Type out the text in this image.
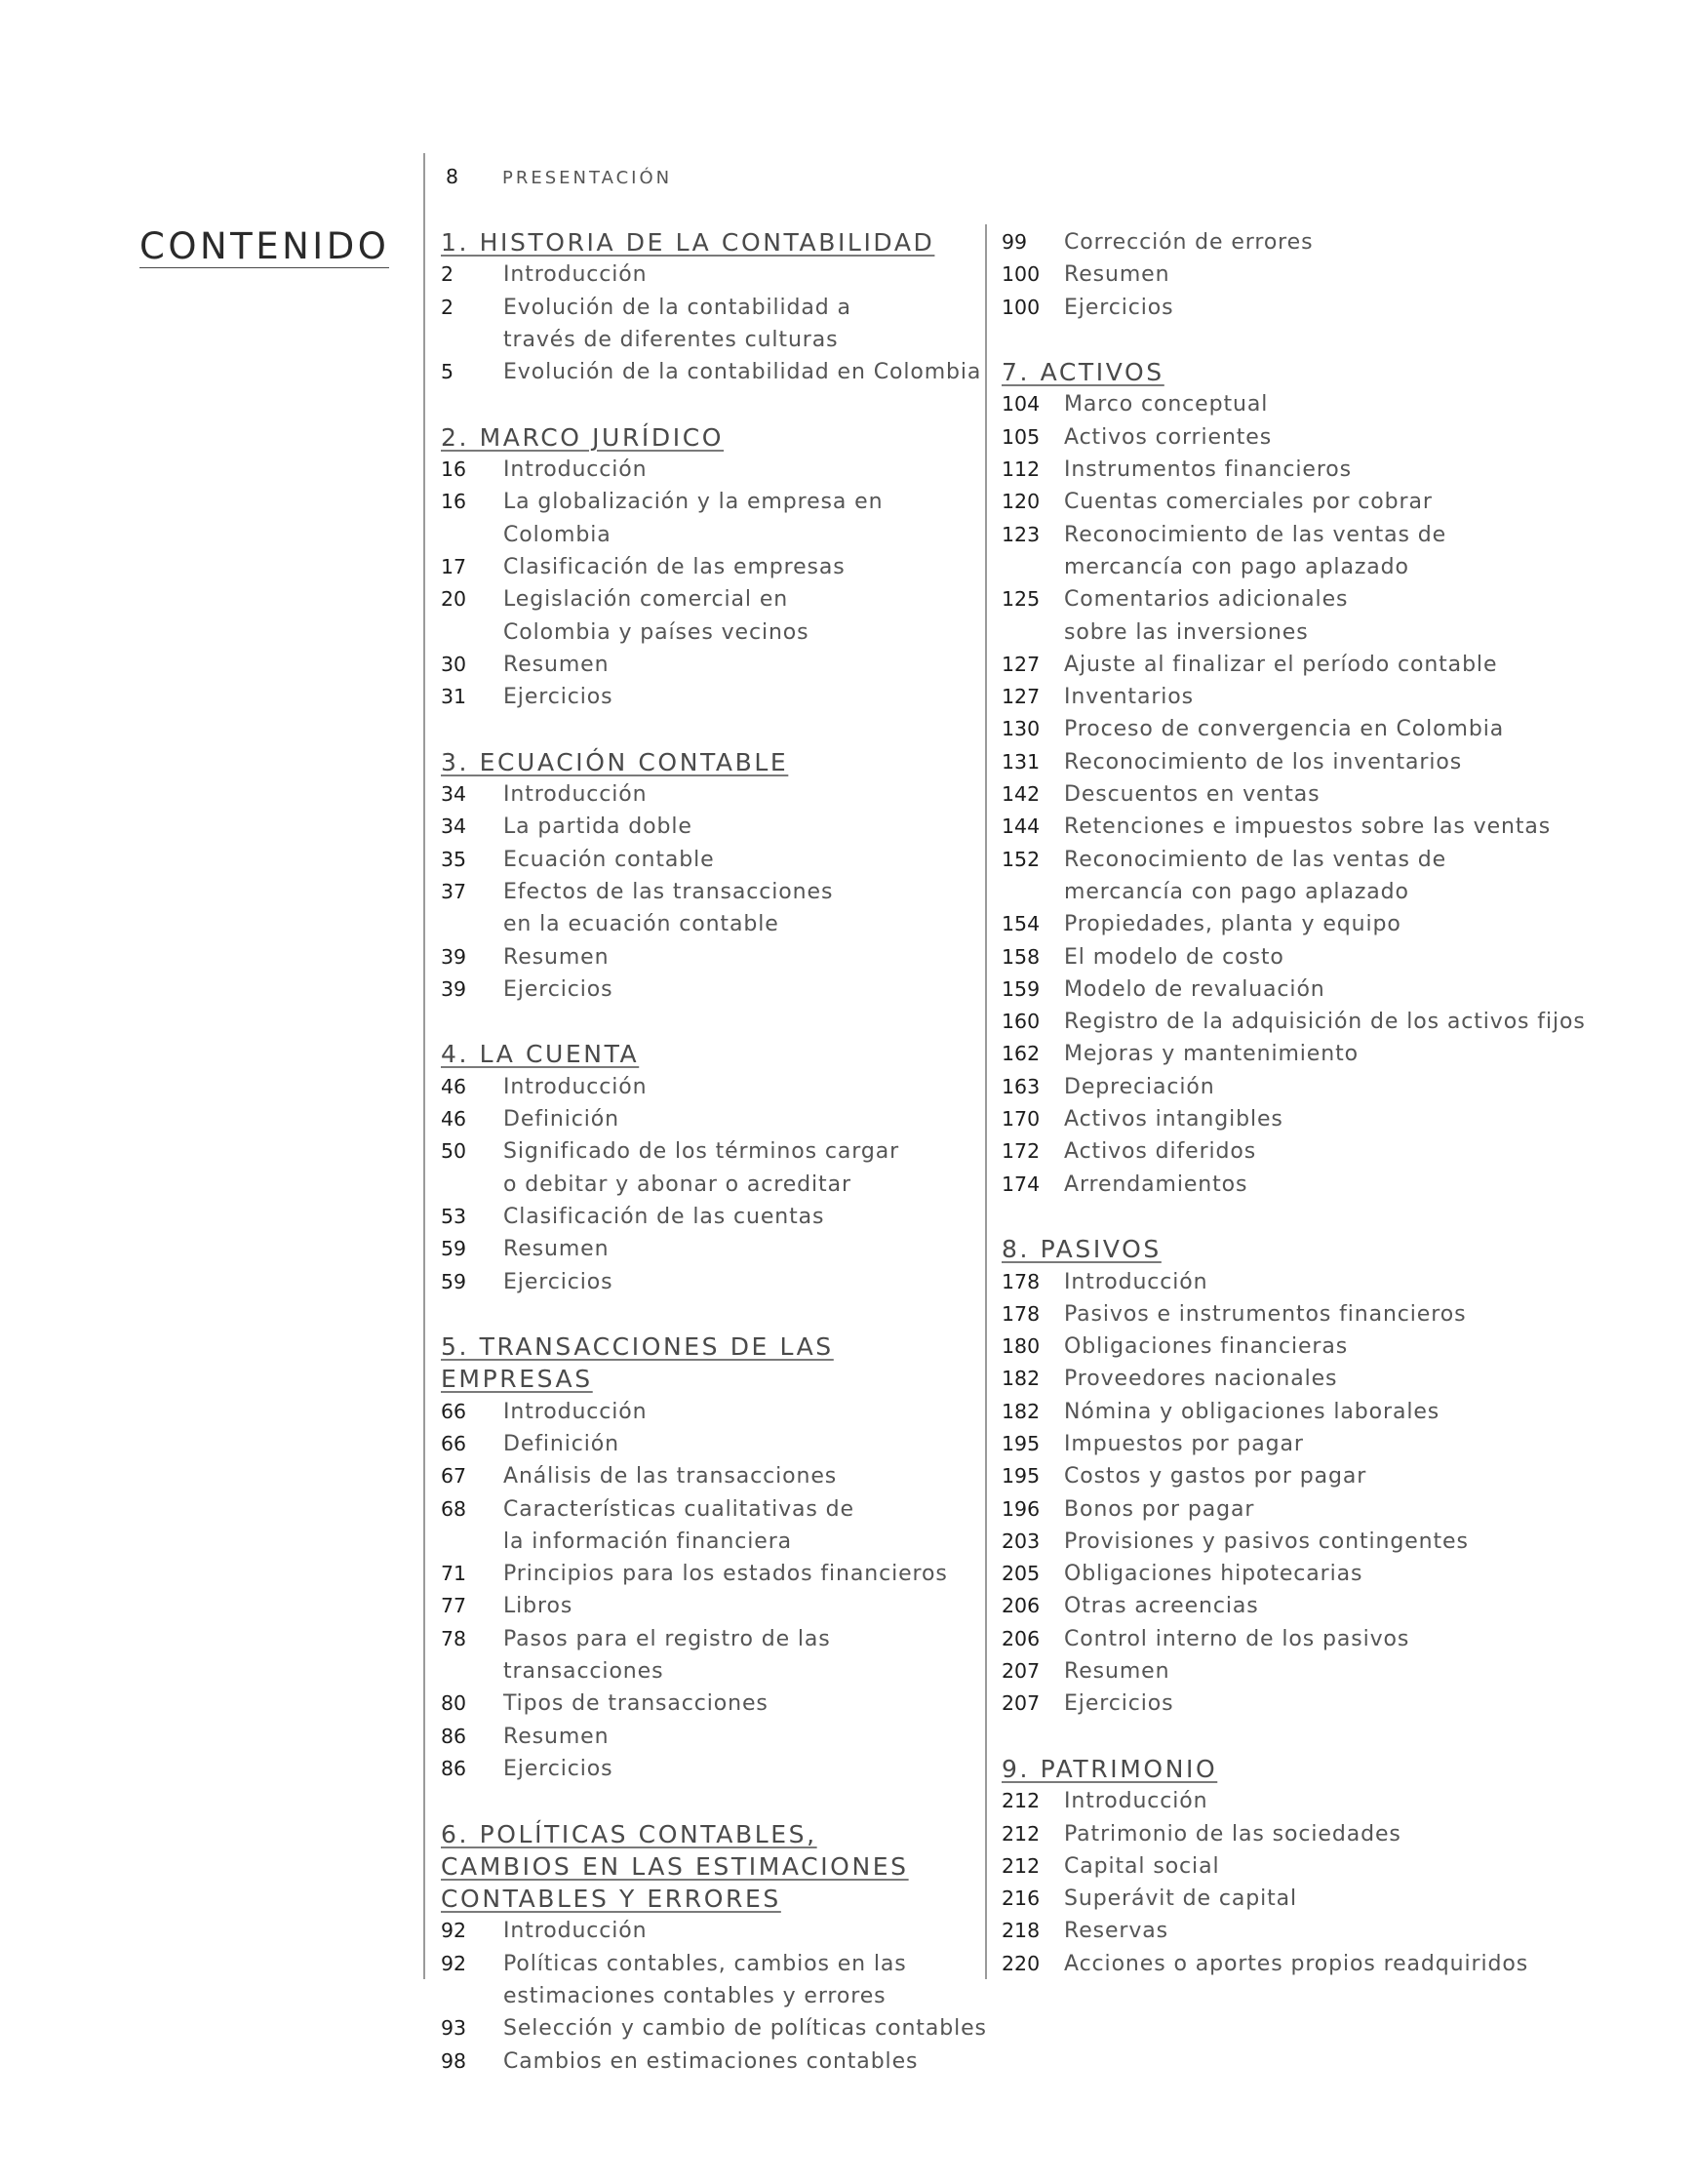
CONTENIDO
8	PRESENTACIÓN
1. HISTORIA DE LA CONTABILIDAD
2	Introducción
2	Evolución de la contabilidad a
través de diferentes culturas
5	Evolución de la contabilidad en Colombia
2. MARCO JURÍDICO
16	Introducción
16	La globalización y la empresa en Colombia
17	Clasificación de las empresas
20	Legislación comercial en
Colombia y países vecinos
30	Resumen
31	Ejercicios
3. ECUACIÓN CONTABLE
34	Introducción
34	La partida doble
35	Ecuación contable
37	Efectos de las transacciones
en la ecuación contable
39	Resumen
39	Ejercicios
4. LA CUENTA
46	Introducción
46	Definición
50	Significado de los términos cargar
o debitar y abonar o acreditar
53	Clasificación de las cuentas
59	Resumen
59	Ejercicios
5. TRANSACCIONES DE LAS EMPRESAS
66	Introducción
66	Definición
67	Análisis de las transacciones
68	Características cualitativas de
la información financiera
71	Principios para los estados financieros
77	Libros
78	Pasos para el registro de las transacciones
80	Tipos de transacciones
86	Resumen
86	Ejercicios
6. POLÍTICAS CONTABLES,
CAMBIOS EN LAS ESTIMACIONES
CONTABLES Y ERRORES
92	Introducción
92	Políticas contables, cambios en las
estimaciones contables y errores
93	Selección y cambio de políticas contables
98	Cambios en estimaciones contables
99	Corrección de errores
100	Resumen
100	Ejercicios
7. ACTIVOS
104	Marco conceptual
105	Activos corrientes
112	Instrumentos financieros
120	Cuentas comerciales por cobrar
123	Reconocimiento de las ventas de
mercancía con pago aplazado
125	Comentarios adicionales
sobre las inversiones
127	Ajuste al finalizar el período contable
127	Inventarios
130	Proceso de convergencia en Colombia
131	Reconocimiento de los inventarios
142	Descuentos en ventas
144	Retenciones e impuestos sobre las ventas
152	Reconocimiento de las ventas de
mercancía con pago aplazado
154	Propiedades, planta y equipo
158	El modelo de costo
159	Modelo de revaluación
160	Registro de la adquisición de los activos fijos
162	Mejoras y mantenimiento
163	Depreciación
170	Activos intangibles
172	Activos diferidos
174	Arrendamientos
8. PASIVOS
178	Introducción
178	Pasivos e instrumentos financieros
180	Obligaciones financieras
182	Proveedores nacionales
182	Nómina y obligaciones laborales
195	Impuestos por pagar
195	Costos y gastos por pagar
196	Bonos por pagar
203	Provisiones y pasivos contingentes
205	Obligaciones hipotecarias
206	Otras acreencias
206	Control interno de los pasivos
207	Resumen
207	Ejercicios
9. PATRIMONIO
212	Introducción
212	Patrimonio de las sociedades
212	Capital social
216	Superávit de capital
218	Reservas
220	Acciones o aportes propios readquiridos
